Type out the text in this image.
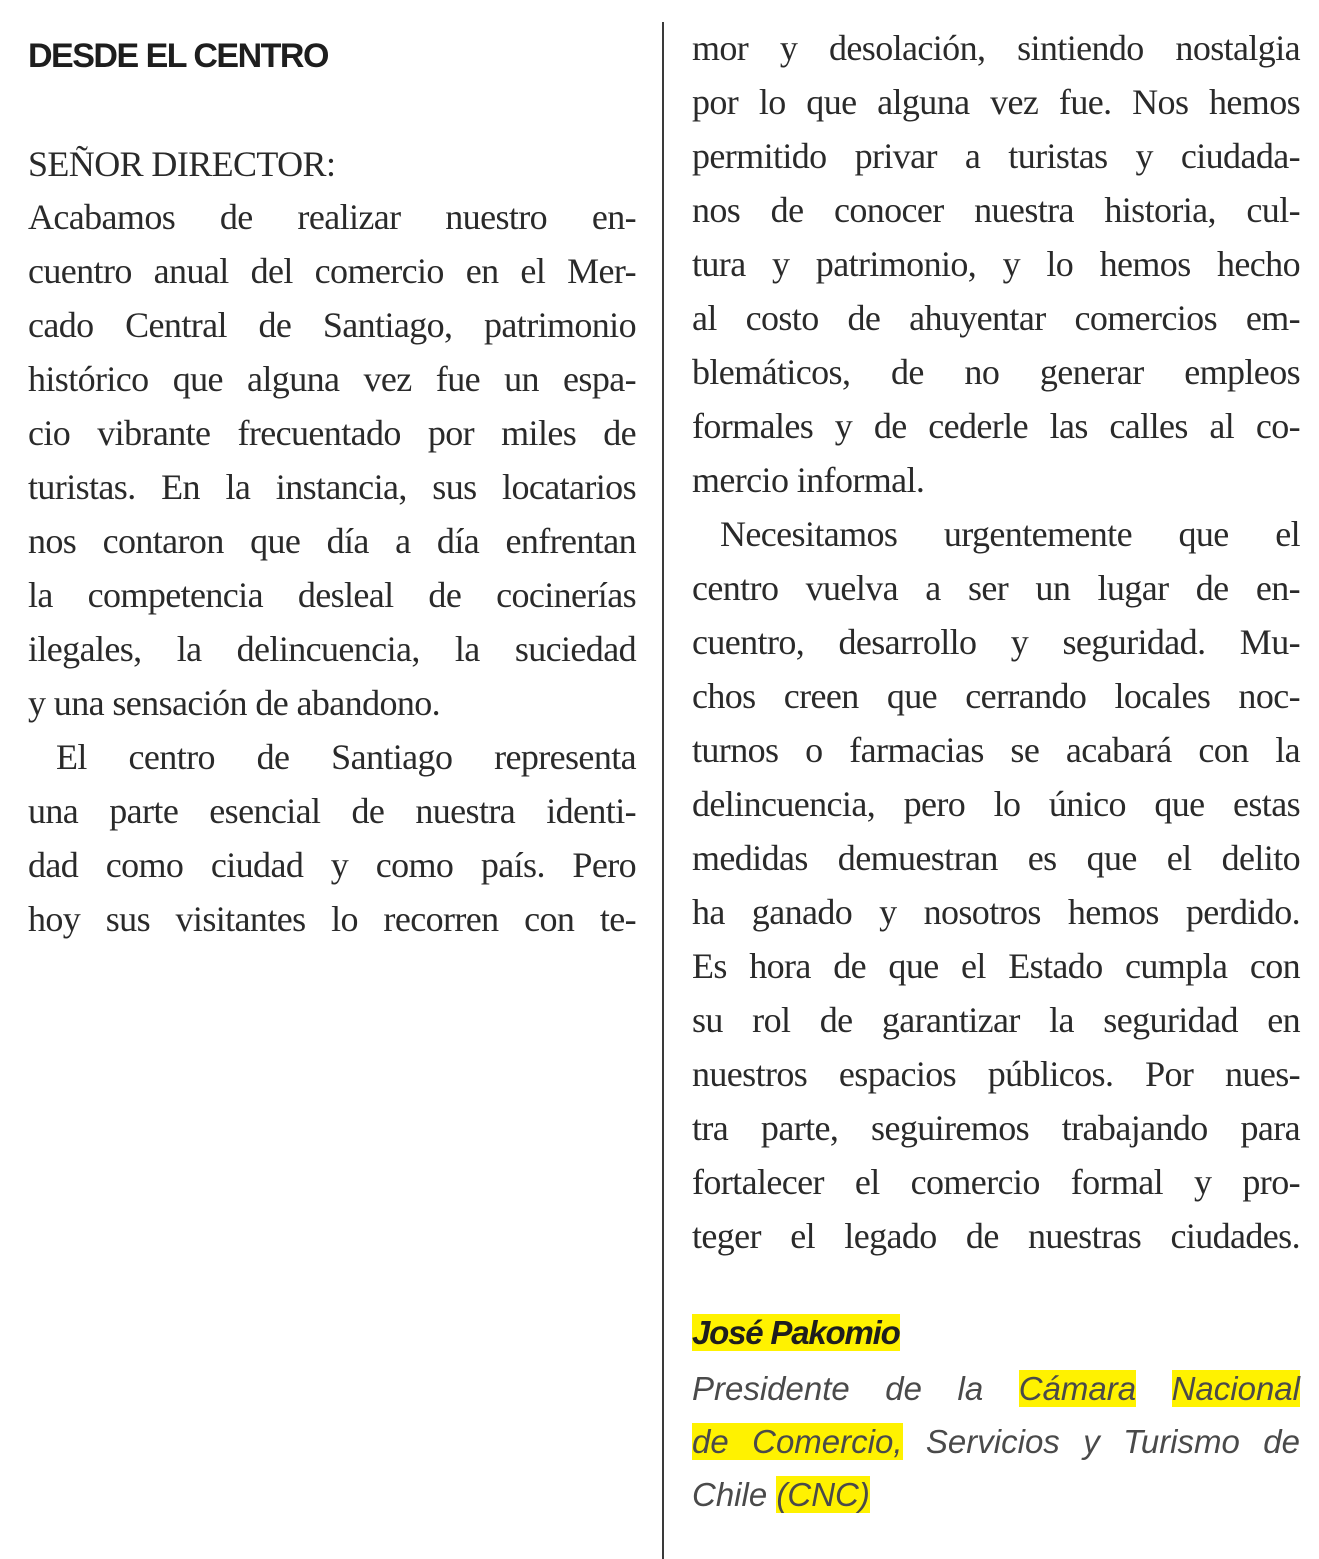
DESDE EL CENTRO
SEÑOR DIRECTOR:
Acabamos de realizar nuestro en-
cuentro anual del comercio en el Mer-
cado Central de Santiago, patrimonio
histórico que alguna vez fue un espa-
cio vibrante frecuentado por miles de
turistas. En la instancia, sus locatarios
nos contaron que día a día enfrentan
la competencia desleal de cocinerías
ilegales, la delincuencia, la suciedad
y una sensación de abandono.
El centro de Santiago representa
una parte esencial de nuestra identi-
dad como ciudad y como país. Pero
hoy sus visitantes lo recorren con te-
mor y desolación, sintiendo nostalgia
por lo que alguna vez fue. Nos hemos
permitido privar a turistas y ciudada-
nos de conocer nuestra historia, cul-
tura y patrimonio, y lo hemos hecho
al costo de ahuyentar comercios em-
blemáticos, de no generar empleos
formales y de cederle las calles al co-
mercio informal.
Necesitamos urgentemente que el
centro vuelva a ser un lugar de en-
cuentro, desarrollo y seguridad. Mu-
chos creen que cerrando locales noc-
turnos o farmacias se acabará con la
delincuencia, pero lo único que estas
medidas demuestran es que el delito
ha ganado y nosotros hemos perdido.
Es hora de que el Estado cumpla con
su rol de garantizar la seguridad en
nuestros espacios públicos. Por nues-
tra parte, seguiremos trabajando para
fortalecer el comercio formal y pro-
teger el legado de nuestras ciudades.
José Pakomio
Presidente de la Cámara Nacional
de Comercio, Servicios y Turismo de
Chile (CNC)
